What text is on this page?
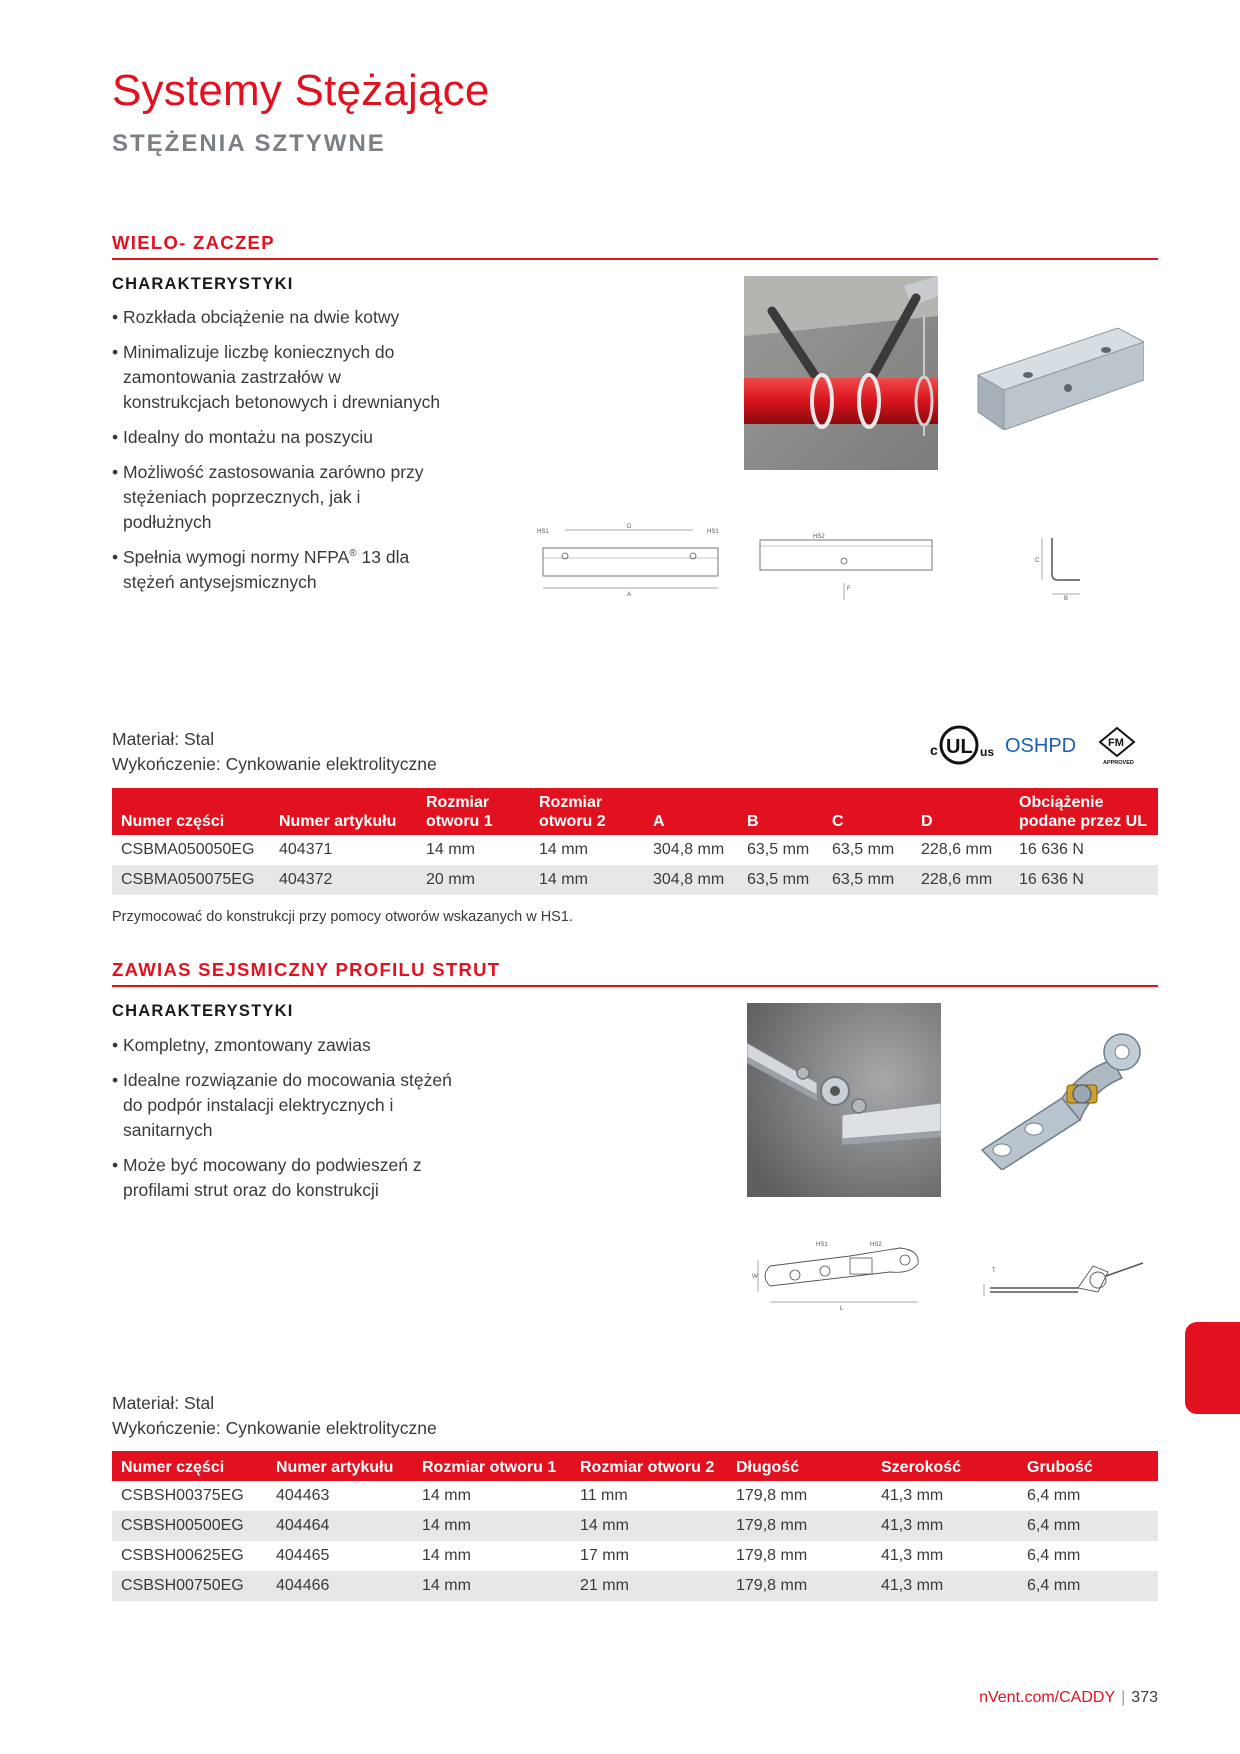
Systemy Stężające
STĘŻENIA SZTYWNE
WIELO- ZACZEP
CHARAKTERYSTYKI
• Rozkłada obciążenie na dwie kotwy
• Minimalizuje liczbę koniecznych do zamontowania zastrzałów w konstrukcjach betonowych i drewnianych
• Idealny do montażu na poszyciu
• Możliwość zastosowania zarówno przy stężeniach poprzecznych, jak i podłużnych
• Spełnia wymogi normy NFPA® 13 dla stężeń antysejsmicznych
HS1
D
HS1
A
HS2
F
C
B
Materiał: Stal
Wykończenie: Cynkowanie elektrolityczne
c UL us OSHPD	FM
APPROVED
Numer części	Numer artykułu	Rozmiar otworu 1	Rozmiar otworu 2	A	B	C	D	Obciążenie podane przez UL
CSBMA050050EG	404371	14 mm	14 mm	304,8 mm	63,5 mm	63,5 mm	228,6 mm	16 636 N
CSBMA050075EG	404372	20 mm	14 mm	304,8 mm	63,5 mm	63,5 mm	228,6 mm	16 636 N
Przymocować do konstrukcji przy pomocy otworów wskazanych w HS1.
ZAWIAS SEJSMICZNY PROFILU STRUT
CHARAKTERYSTYKI
• Kompletny, zmontowany zawias
• Idealne rozwiązanie do mocowania stężeń do podpór instalacji elektrycznych i sanitarnych
• Może być mocowany do podwieszeń z profilami strut oraz do konstrukcji
HS1	HS2
W
L
T
Materiał: Stal
Wykończenie: Cynkowanie elektrolityczne
Numer części	Numer artykułu	Rozmiar otworu 1	Rozmiar otworu 2	Długość	Szerokość	Grubość
CSBSH00375EG	404463	14 mm	11 mm	179,8 mm	41,3 mm	6,4 mm
CSBSH00500EG	404464	14 mm	14 mm	179,8 mm	41,3 mm	6,4 mm
CSBSH00625EG	404465	14 mm	17 mm	179,8 mm	41,3 mm	6,4 mm
CSBSH00750EG	404466	14 mm	21 mm	179,8 mm	41,3 mm	6,4 mm
nVent.com/CADDY | 373
